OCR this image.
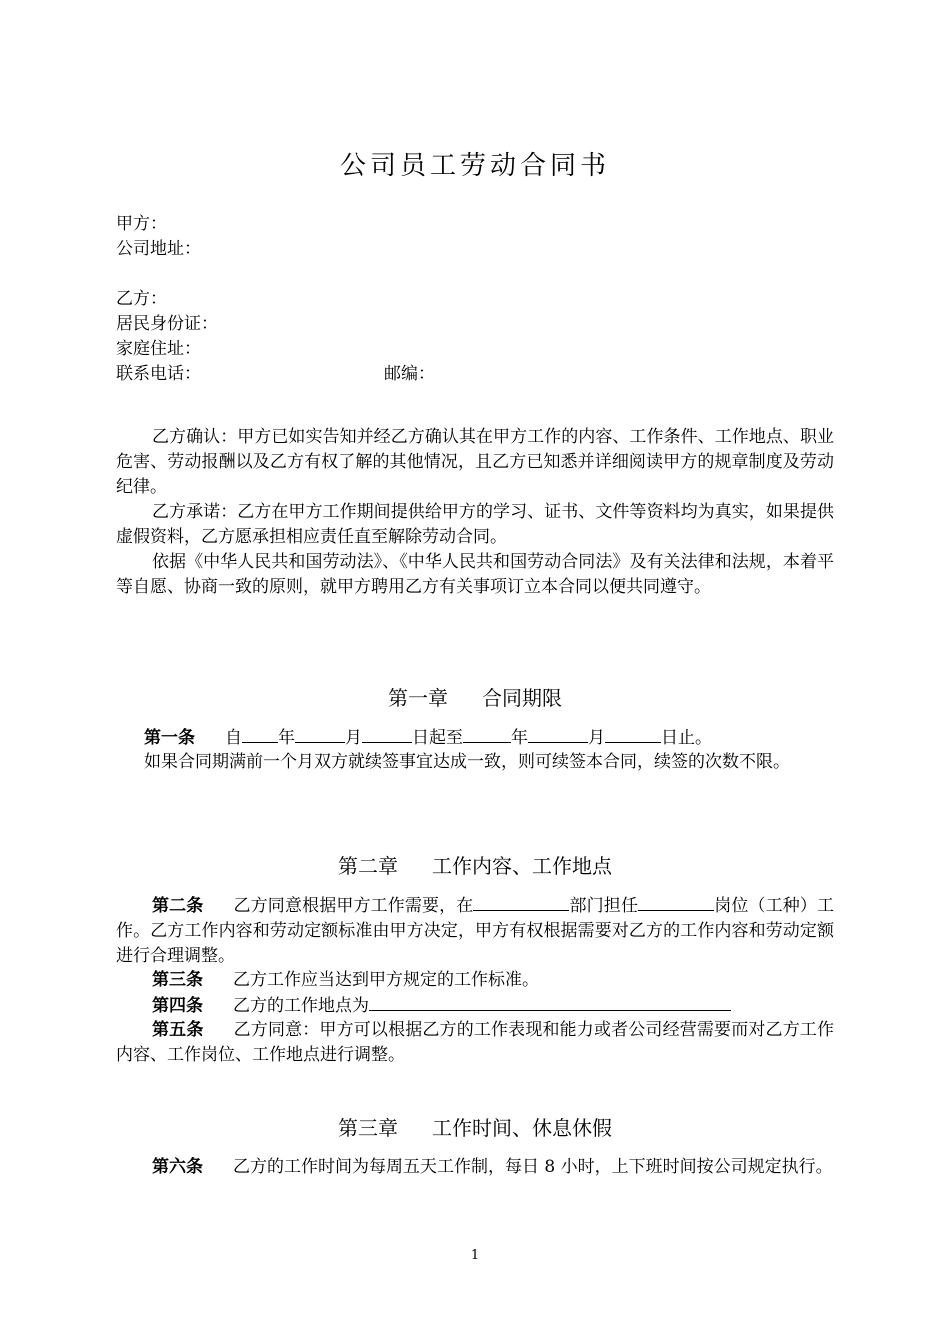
公司员工劳动合同书
甲方：
公司地址：
乙方：
居民身份证：
家庭住址：
联系电话：	邮编：
乙方确认：甲方已如实告知并经乙方确认其在甲方工作的内容、工作条件、工作地点、职业危害、劳动报酬以及乙方有权了解的其他情况，且乙方已知悉并详细阅读甲方的规章制度及劳动纪律。
乙方承诺：乙方在甲方工作期间提供给甲方的学习、证书、文件等资料均为真实，如果提供虚假资料，乙方愿承担相应责任直至解除劳动合同。
依据《中华人民共和国劳动法》、《中华人民共和国劳动合同法》及有关法律和法规，本着平等自愿、协商一致的原则，就甲方聘用乙方有关事项订立本合同以便共同遵守。
第一章 合同期限
第一条 自 年	月	日起至	年	月	日止。
如果合同期满前一个月双方就续签事宜达成一致，则可续签本合同，续签的次数不限。
第二章 工作内容、工作地点
第二条 乙方同意根据甲方工作需要，在	部门担任	岗位（工种）工作。乙方工作内容和劳动定额标准由甲方决定，甲方有权根据需要对乙方的工作内容和劳动定额进行合理调整。
第三条 乙方工作应当达到甲方规定的工作标准。
第四条 乙方的工作地点为
第五条 乙方同意：甲方可以根据乙方的工作表现和能力或者公司经营需要而对乙方工作内容、工作岗位、工作地点进行调整。
第三章 工作时间、休息休假
第六条 乙方的工作时间为每周五天工作制，每日 8 小时，上下班时间按公司规定执行。
1
